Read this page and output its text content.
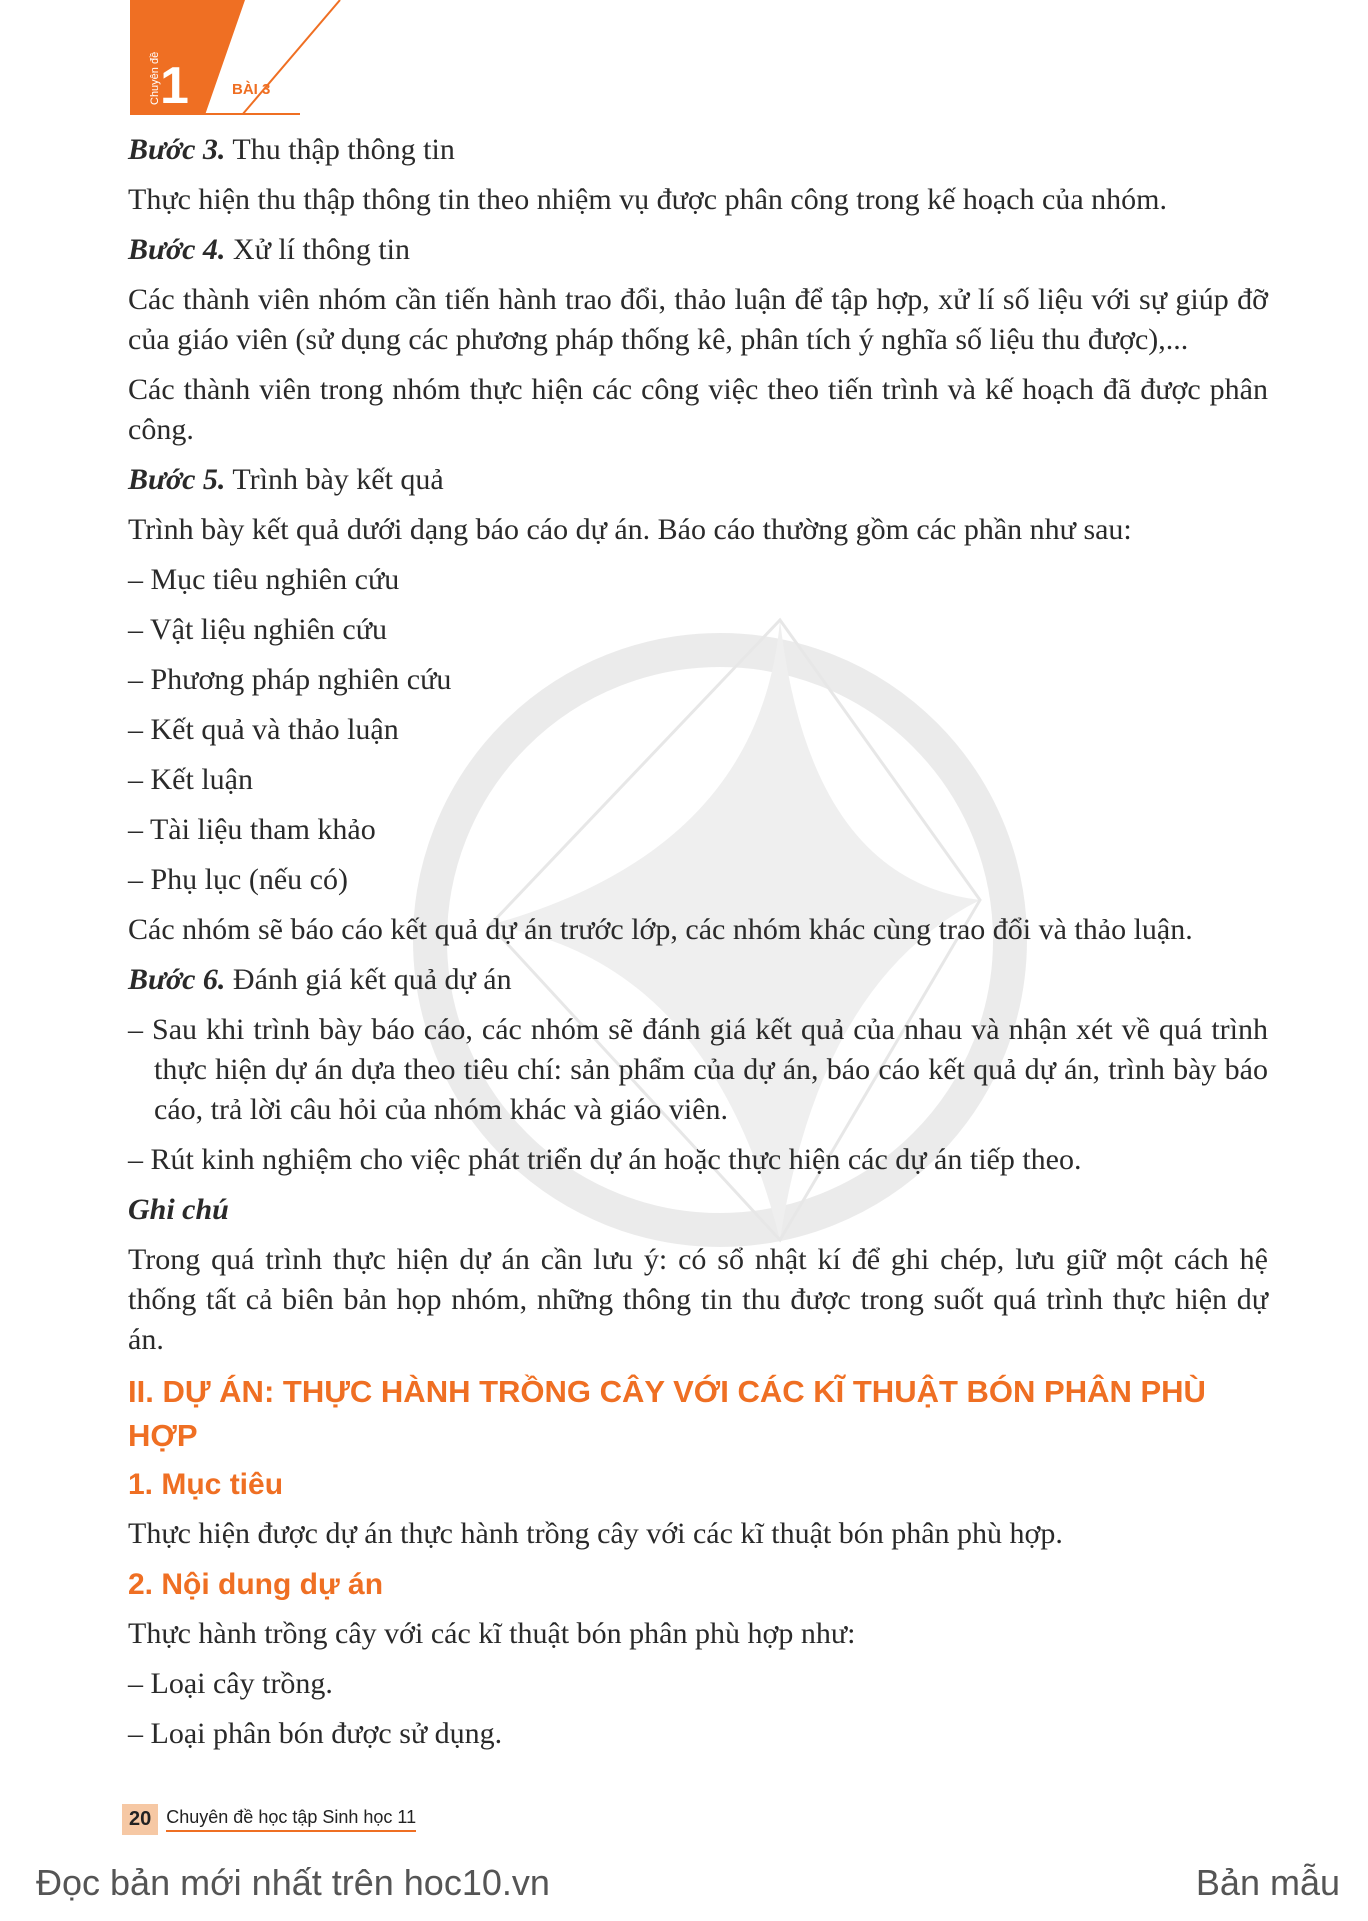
Chuyên đề 1	BÀI 3
Bước 3. Thu thập thông tin

Thực hiện thu thập thông tin theo nhiệm vụ được phân công trong kế hoạch của nhóm.

Bước 4. Xử lí thông tin

Các thành viên nhóm cần tiến hành trao đổi, thảo luận để tập hợp, xử lí số liệu với sự giúp đỡ của giáo viên (sử dụng các phương pháp thống kê, phân tích ý nghĩa số liệu thu được),...

Các thành viên trong nhóm thực hiện các công việc theo tiến trình và kế hoạch đã được phân công.

Bước 5. Trình bày kết quả

Trình bày kết quả dưới dạng báo cáo dự án. Báo cáo thường gồm các phần như sau:

– Mục tiêu nghiên cứu
– Vật liệu nghiên cứu
– Phương pháp nghiên cứu
– Kết quả và thảo luận
– Kết luận
– Tài liệu tham khảo
– Phụ lục (nếu có)

Các nhóm sẽ báo cáo kết quả dự án trước lớp, các nhóm khác cùng trao đổi và thảo luận.

Bước 6. Đánh giá kết quả dự án
– Sau khi trình bày báo cáo, các nhóm sẽ đánh giá kết quả của nhau và nhận xét về quá trình thực hiện dự án dựa theo tiêu chí: sản phẩm của dự án, báo cáo kết quả dự án, trình bày báo cáo, trả lời câu hỏi của nhóm khác và giáo viên.
– Rút kinh nghiệm cho việc phát triển dự án hoặc thực hiện các dự án tiếp theo.
Ghi chú

Trong quá trình thực hiện dự án cần lưu ý: có sổ nhật kí để ghi chép, lưu giữ một cách hệ thống tất cả biên bản họp nhóm, những thông tin thu được trong suốt quá trình thực hiện dự án.

II. DỰ ÁN: THỰC HÀNH TRỒNG CÂY VỚI CÁC KĨ THUẬT BÓN PHÂN PHÙ HỢP
1. Mục tiêu

Thực hiện được dự án thực hành trồng cây với các kĩ thuật bón phân phù hợp.

2. Nội dung dự án

Thực hành trồng cây với các kĩ thuật bón phân phù hợp như:

– Loại cây trồng.
– Loại phân bón được sử dụng.
20 Chuyên đề học tập Sinh học 11
Đọc bản mới nhất trên hoc10.vn	Bản mẫu
